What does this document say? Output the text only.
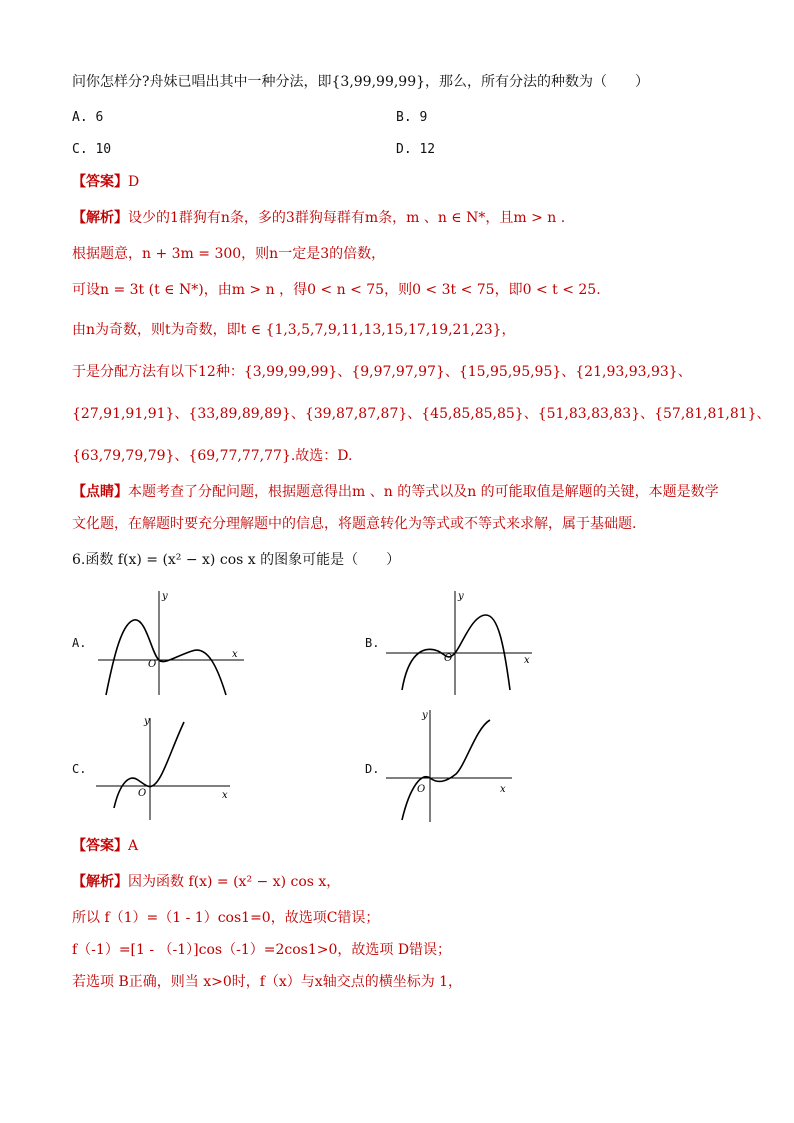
问你怎样分?舟妹已唱出其中一种分法，即{3,99,99,99}，那么，所有分法的种数为（　　）
A. 6	B. 9
C. 10	D. 12
【答案】D
【解析】设少的1群狗有n条，多的3群狗每群有m条，m 、n ∈ N*，且m > n .
根据题意，n + 3m = 300，则n一定是3的倍数，
可设n = 3t (t ∈ N*)，由m > n ，得0 < n < 75，则0 < 3t < 75，即0 < t < 25.
由n为奇数，则t为奇数，即t ∈ {1,3,5,7,9,11,13,15,17,19,21,23}，
于是分配方法有以下12种：{3,99,99,99}、{9,97,97,97}、{15,95,95,95}、{21,93,93,93}、
{27,91,91,91}、{33,89,89,89}、{39,87,87,87}、{45,85,85,85}、{51,83,83,83}、{57,81,81,81}、
{63,79,79,79}、{69,77,77,77}.故选：D.
【点睛】本题考查了分配问题，根据题意得出m 、n 的等式以及n 的可能取值是解题的关键，本题是数学
文化题，在解题时要充分理解题中的信息，将题意转化为等式或不等式来求解，属于基础题.
6.函数 f(x) = (x² − x) cos x 的图象可能是（　　）
A.
y
x
O
B.
y
x
O
C.
y
x
O
D.
y
x
O
【答案】A
【解析】因为函数 f(x) = (x² − x) cos x，
所以 f（1）=（1 - 1）cos1=0，故选项C错误；
f（-1）=[1 - （-1）]cos（-1）=2cos1>0，故选项 D错误；
若选项 B正确，则当 x>0时，f（x）与x轴交点的横坐标为 1，
